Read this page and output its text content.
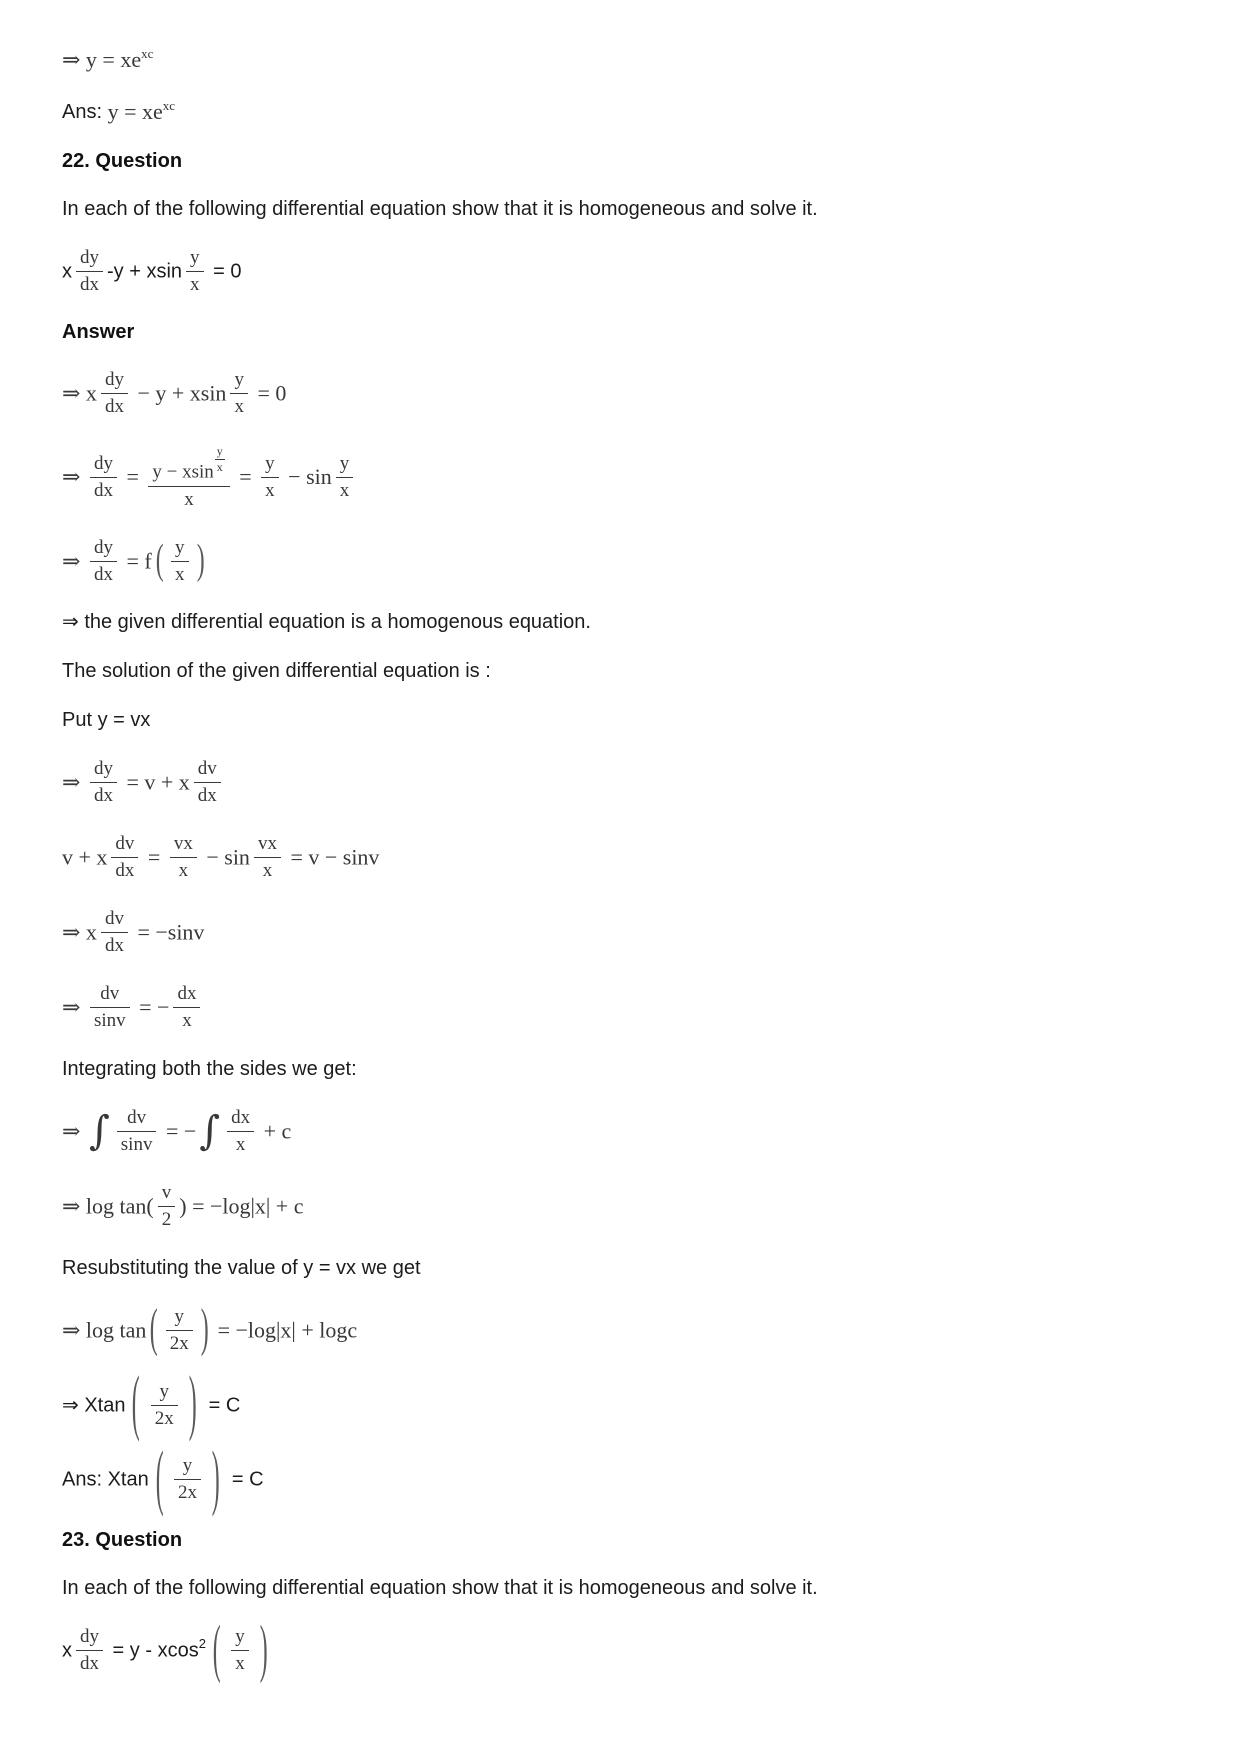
⇒ y = xexc
Ans: y = xexc
22. Question
In each of the following differential equation show that it is homogeneous and solve it.
x $\frac{dy}{dx} -y + xsin \frac{y}{x} = 0$
Answer
⇒ x $\frac{dy}{dx} - y + xsin \frac{y}{x} = 0$
⇒ $\frac{dy}{dx} = \frac{y - xsin \frac{y}{x}}{x} = \frac{y}{x} - \sin \frac{y}{x}$
⇒ $\frac{dy}{dx} = f$ ( $\frac{y}{x}$ )
⇒ the given differential equation is a homogenous equation.
The solution of the given differential equation is :
Put y = vx
⇒ $\frac{dy}{dx} = v + x \frac{dv}{dx}$
v + x $\frac{dv}{dx} = \frac{vx}{x} - \sin \frac{vx}{x} = v - \sin v$
⇒ x $\frac{dv}{dx} = -\sin v$
⇒ $\frac{dv}{\sin v}$ = − $\frac{dx}{x}$
Integrating both the sides we get:
⇒ ∫ $\frac{dv}{\sin v}$ = −∫ $\frac{dx}{x} + c$
⇒ $\log \tan( \frac{v}{2}$ ) = −log|x| + c
Resubstituting the value of y = vx we get
⇒ log tan ( $\frac{y}{2x}$ ) = −log|x| + logc
⇒ Xtan ( $\frac{y}{2x}$ ) = C
Ans: Xtan ( $\frac{y}{2x}$ ) = C
23. Question
In each of the following differential equation show that it is homogeneous and solve it.
x $\frac{dy}{dx} = y - xcos2$ ( $\frac{y}{x}$ )
